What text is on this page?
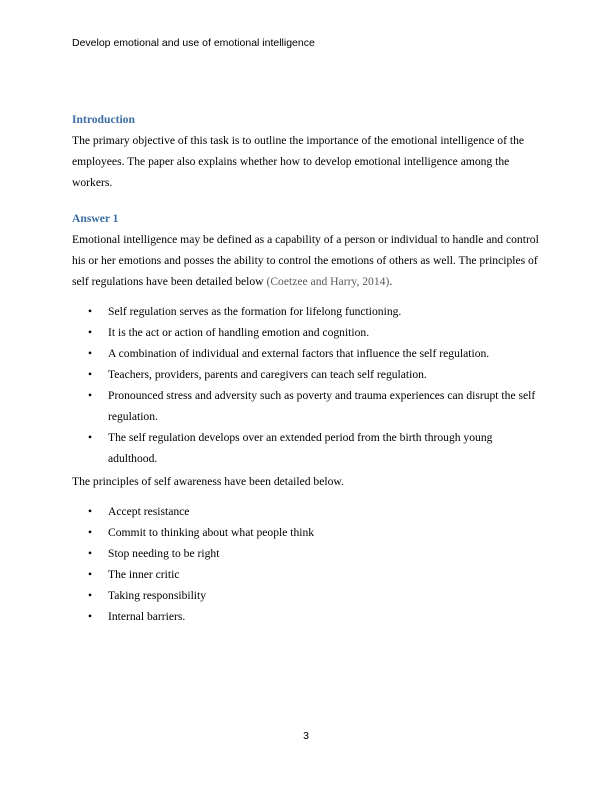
Develop emotional and use of emotional intelligence
Introduction

The primary objective of this task is to outline the importance of the emotional intelligence of the employees. The paper also explains whether how to develop emotional intelligence among the workers.

Answer 1

Emotional intelligence may be defined as a capability of a person or individual to handle and control his or her emotions and posses the ability to control the emotions of others as well. The principles of self regulations have been detailed below (Coetzee and Harry, 2014).

• Self regulation serves as the formation for lifelong functioning.
• It is the act or action of handling emotion and cognition.
• A combination of individual and external factors that influence the self regulation.
• Teachers, providers, parents and caregivers can teach self regulation.
• Pronounced stress and adversity such as poverty and trauma experiences can disrupt the self regulation.
• The self regulation develops over an extended period from the birth through young adulthood.

The principles of self awareness have been detailed below.

• Accept resistance
• Commit to thinking about what people think
• Stop needing to be right
• The inner critic
• Taking responsibility
• Internal barriers.
3
